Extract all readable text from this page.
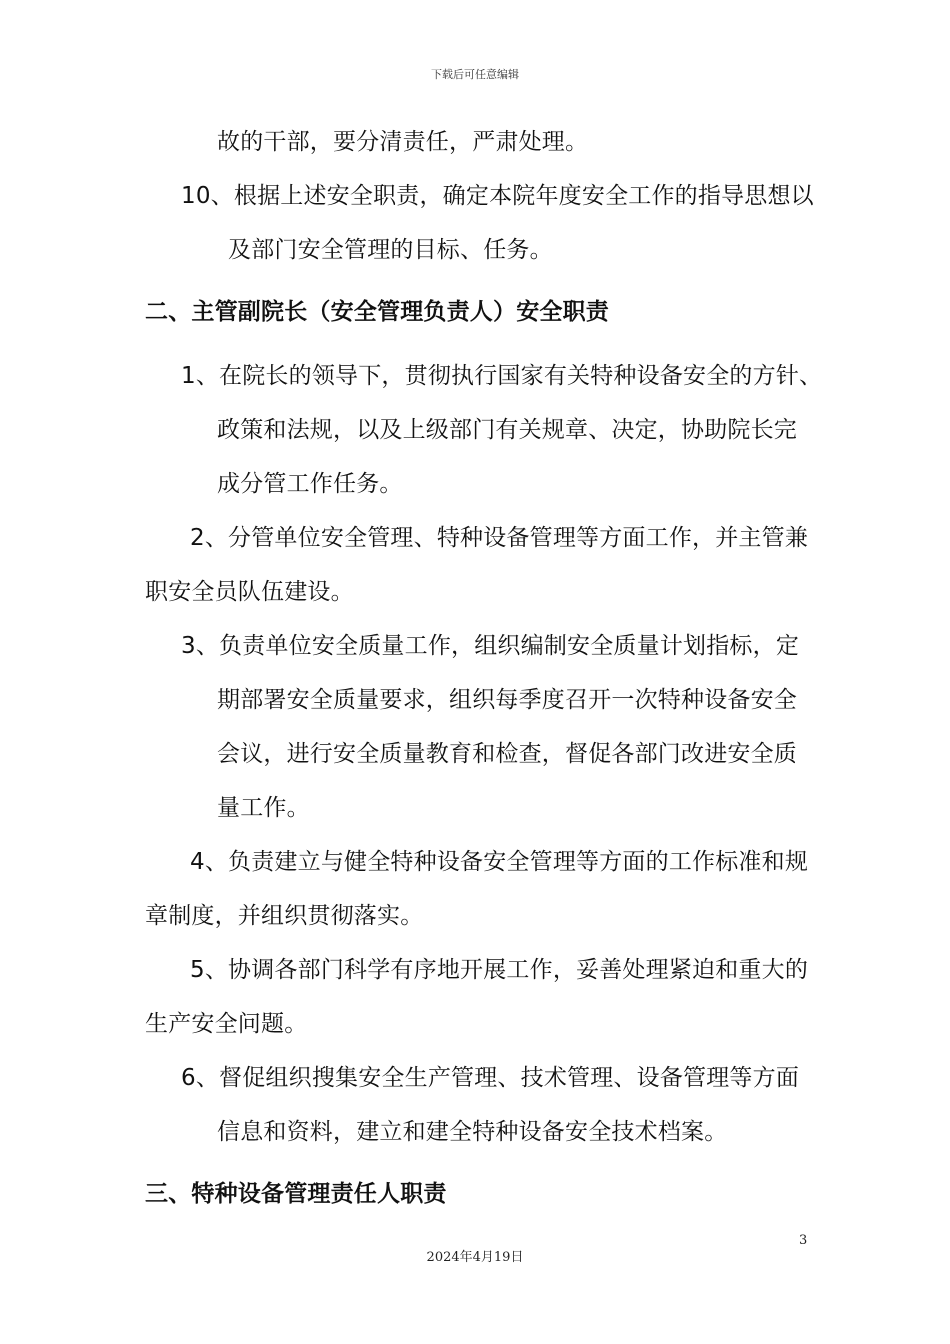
下载后可任意编辑
故的干部，要分清责任，严肃处理。
10、根据上述安全职责，确定本院年度安全工作的指导思想以
及部门安全管理的目标、任务。
二、主管副院长（安全管理负责人）安全职责
1、在院长的领导下，贯彻执行国家有关特种设备安全的方针、
政策和法规，以及上级部门有关规章、决定，协助院长完
成分管工作任务。
2、分管单位安全管理、特种设备管理等方面工作，并主管兼
职安全员队伍建设。
3、负责单位安全质量工作，组织编制安全质量计划指标，定
期部署安全质量要求，组织每季度召开一次特种设备安全
会议，进行安全质量教育和检查，督促各部门改进安全质
量工作。
4、负责建立与健全特种设备安全管理等方面的工作标准和规
章制度，并组织贯彻落实。
5、协调各部门科学有序地开展工作，妥善处理紧迫和重大的
生产安全问题。
6、督促组织搜集安全生产管理、技术管理、设备管理等方面
信息和资料，建立和建全特种设备安全技术档案。
三、特种设备管理责任人职责
3
2024年4月19日
